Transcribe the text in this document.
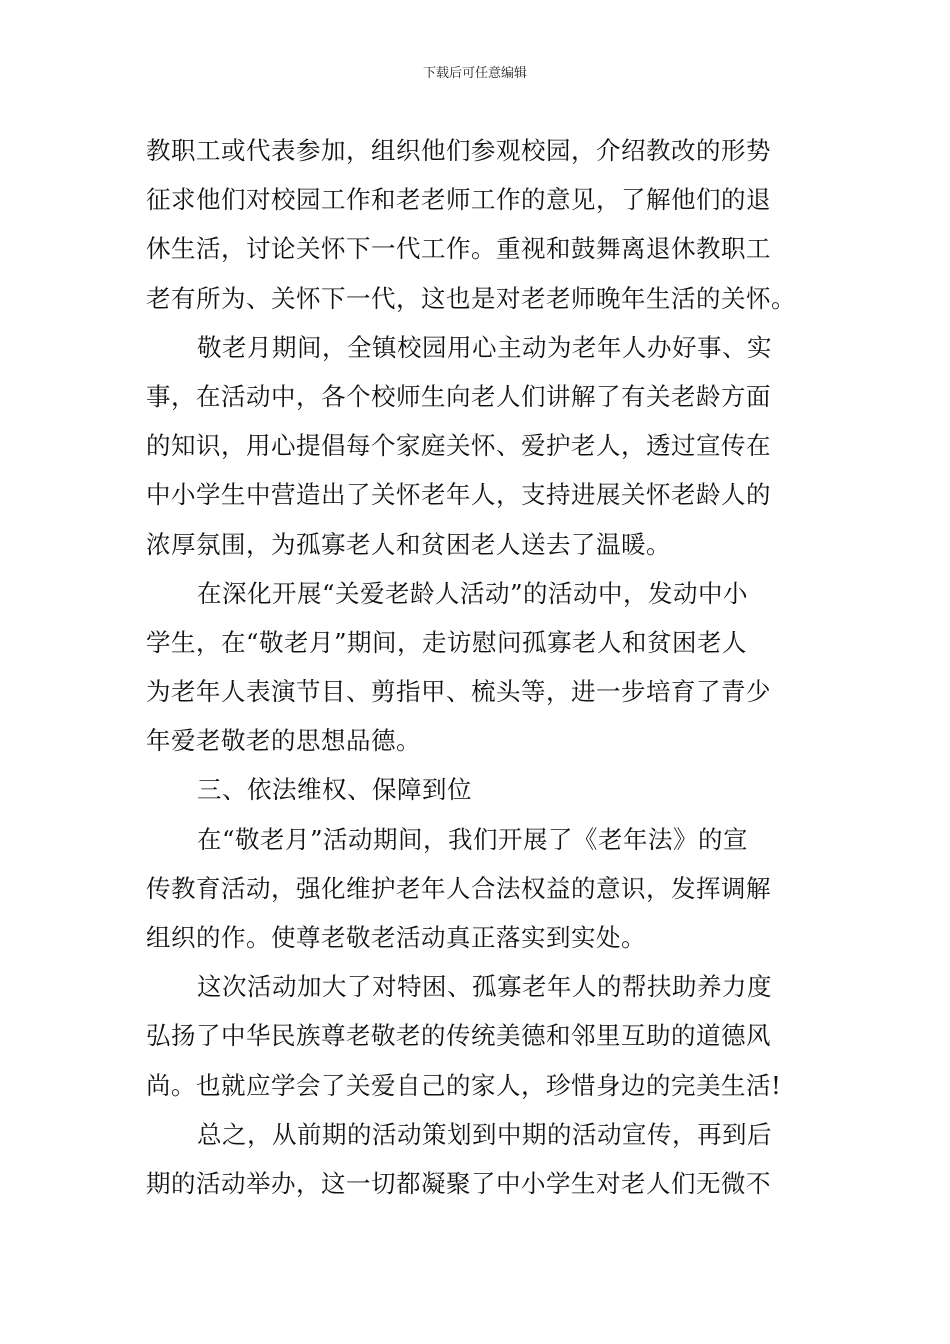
下载后可任意编辑
教职工或代表参加，组织他们参观校园，介绍教改的形势
征求他们对校园工作和老老师工作的意见，了解他们的退
休生活，讨论关怀下一代工作。重视和鼓舞离退休教职工
老有所为、关怀下一代，这也是对老老师晚年生活的关怀。
敬老月期间，全镇校园用心主动为老年人办好事、实
事，在活动中，各个校师生向老人们讲解了有关老龄方面
的知识，用心提倡每个家庭关怀、爱护老人，透过宣传在
中小学生中营造出了关怀老年人，支持进展关怀老龄人的
浓厚氛围，为孤寡老人和贫困老人送去了温暖。
在深化开展“关爱老龄人活动”的活动中，发动中小
学生，在“敬老月”期间，走访慰问孤寡老人和贫困老人
为老年人表演节目、剪指甲、梳头等，进一步培育了青少
年爱老敬老的思想品德。
三、依法维权、保障到位
在“敬老月”活动期间，我们开展了《老年法》的宣
传教育活动，强化维护老年人合法权益的意识，发挥调解
组织的作。使尊老敬老活动真正落实到实处。
这次活动加大了对特困、孤寡老年人的帮扶助养力度
弘扬了中华民族尊老敬老的传统美德和邻里互助的道德风
尚。也就应学会了关爱自己的家人，珍惜身边的完美生活!
总之，从前期的活动策划到中期的活动宣传，再到后
期的活动举办，这一切都凝聚了中小学生对老人们无微不
